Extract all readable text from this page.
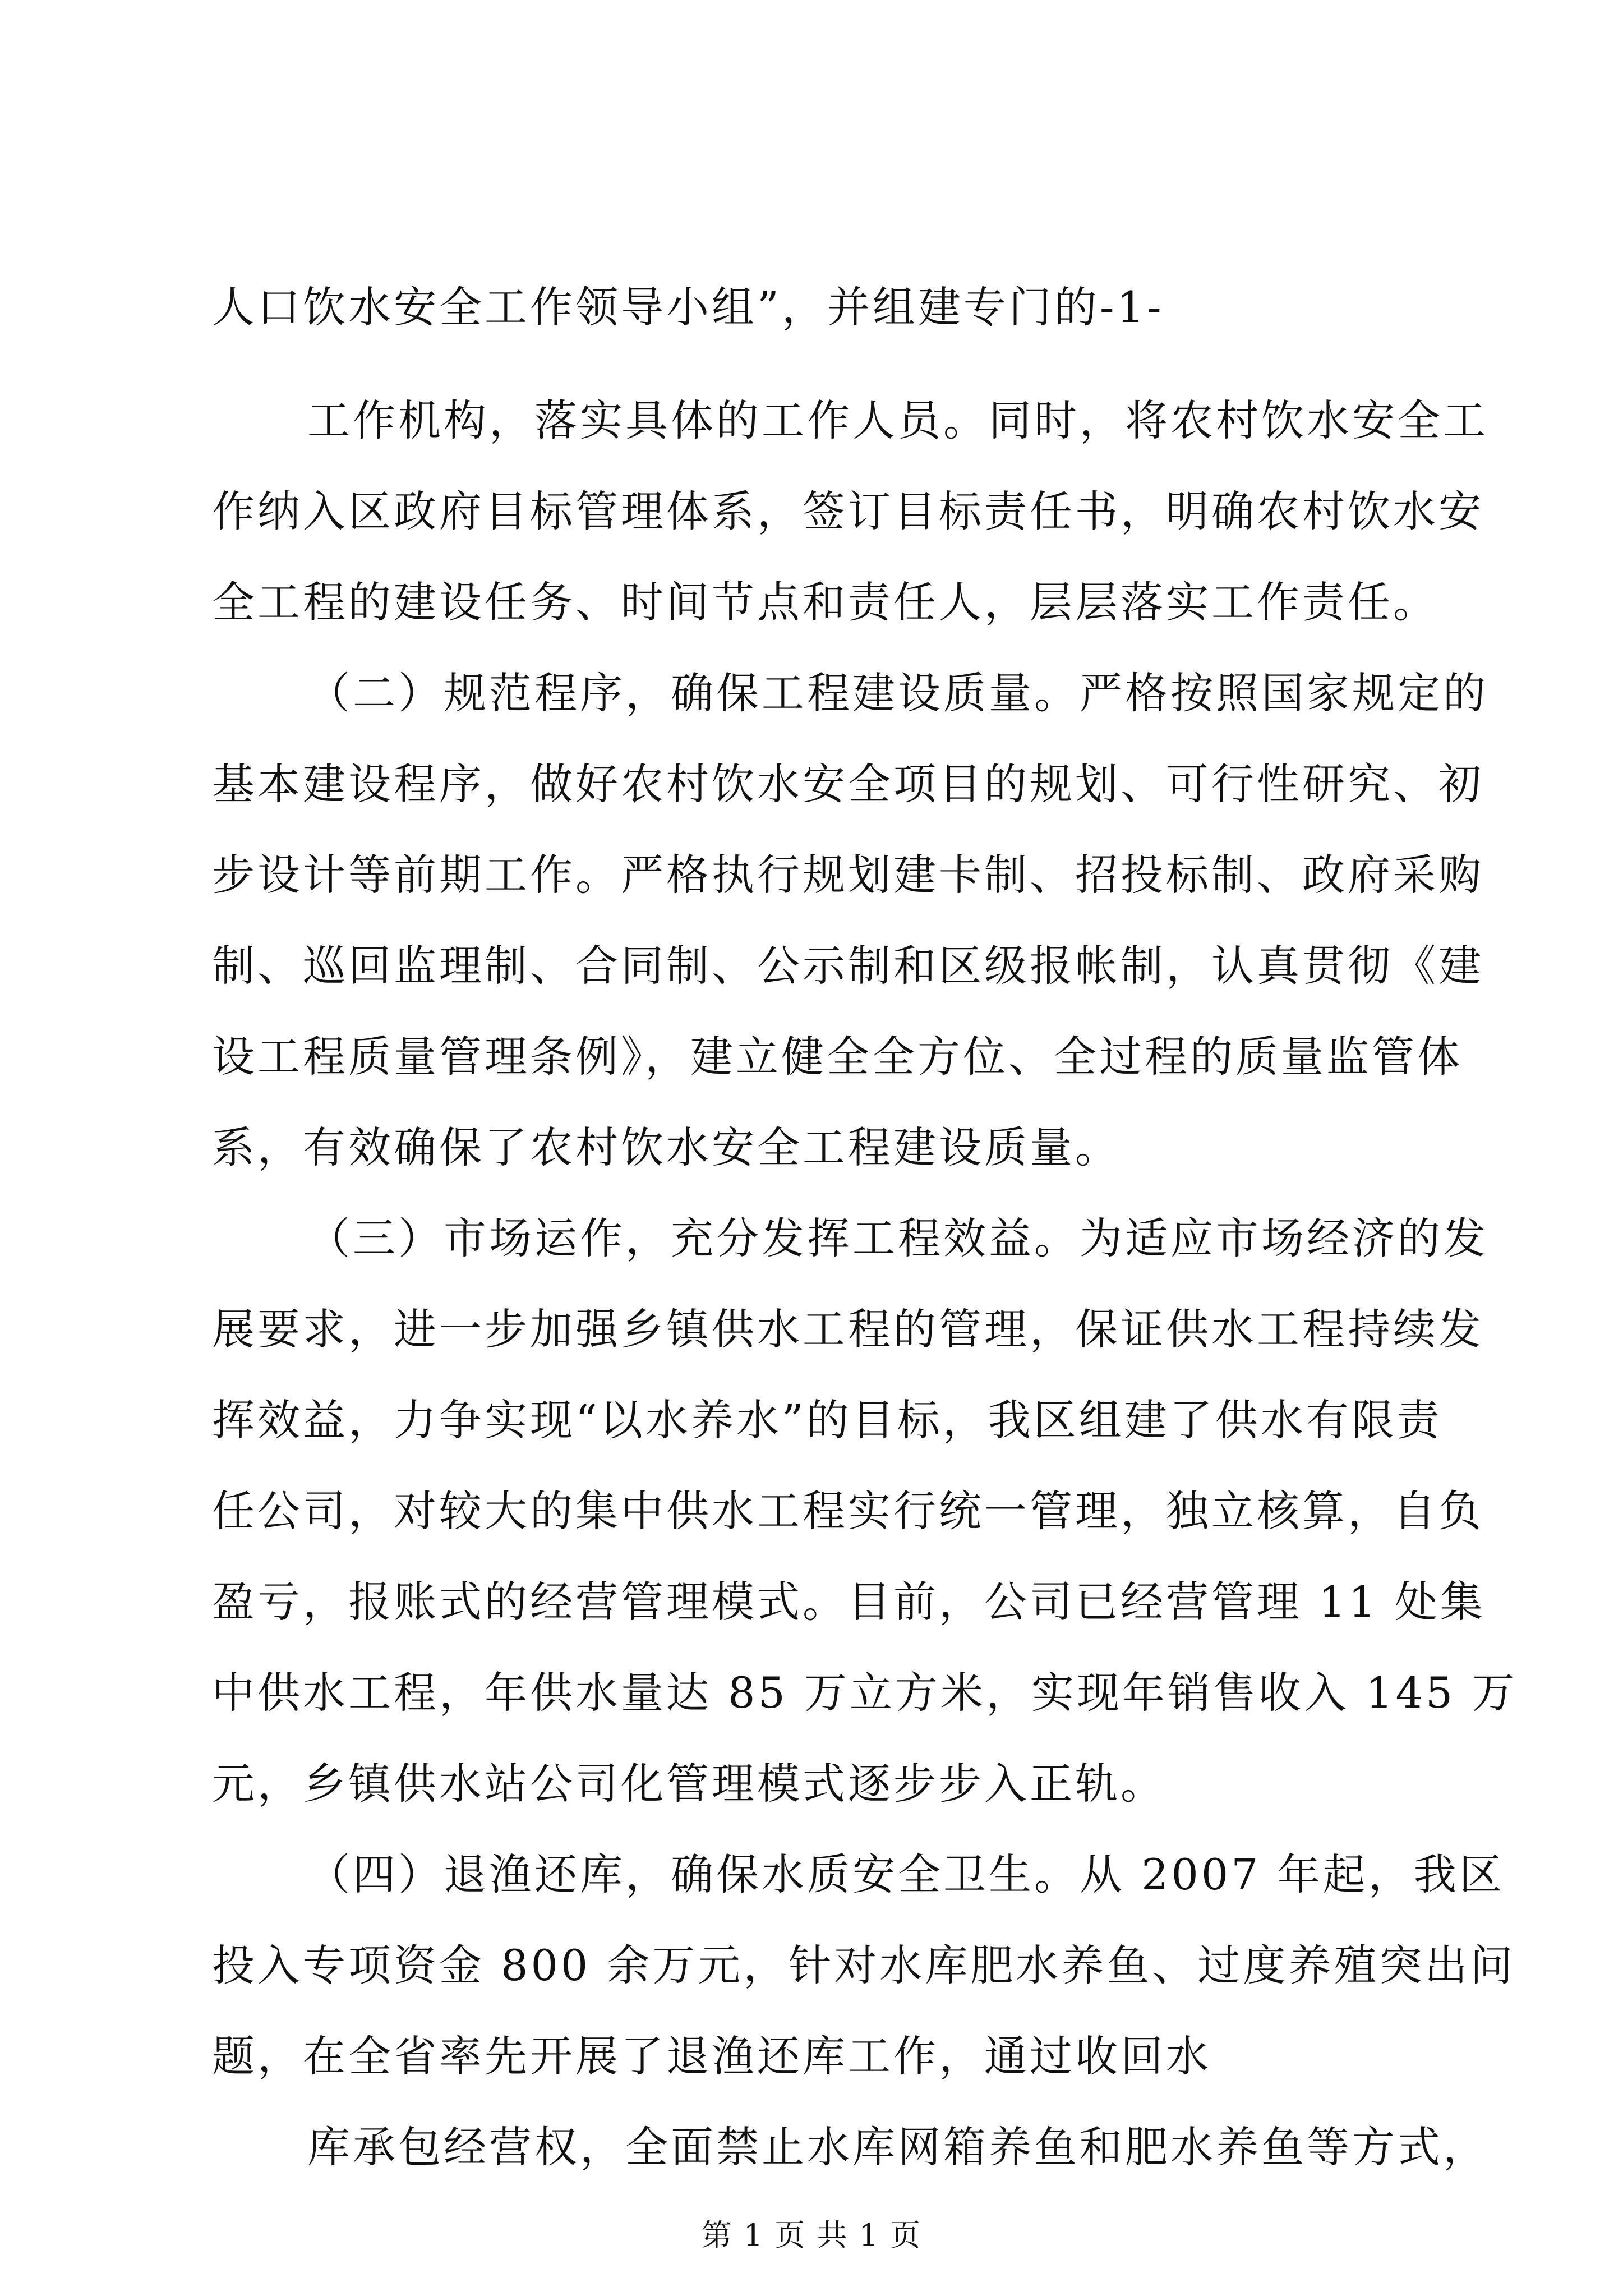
人口饮水安全工作领导小组”，并组建专门的-1-
工作机构，落实具体的工作人员。同时，将农村饮水安全工
作纳入区政府目标管理体系，签订目标责任书，明确农村饮水安
全工程的建设任务、时间节点和责任人，层层落实工作责任。
（二）规范程序，确保工程建设质量。严格按照国家规定的
基本建设程序，做好农村饮水安全项目的规划、可行性研究、初
步设计等前期工作。严格执行规划建卡制、招投标制、政府采购
制、巡回监理制、合同制、公示制和区级报帐制，认真贯彻《建
设工程质量管理条例》，建立健全全方位、全过程的质量监管体
系，有效确保了农村饮水安全工程建设质量。
（三）市场运作，充分发挥工程效益。为适应市场经济的发
展要求，进一步加强乡镇供水工程的管理，保证供水工程持续发
挥效益，力争实现“以水养水”的目标，我区组建了供水有限责
任公司，对较大的集中供水工程实行统一管理，独立核算，自负
盈亏，报账式的经营管理模式。目前，公司已经营管理 11 处集
中供水工程，年供水量达 85 万立方米，实现年销售收入 145 万
元，乡镇供水站公司化管理模式逐步步入正轨。
（四）退渔还库，确保水质安全卫生。从 2007 年起，我区
投入专项资金 800 余万元，针对水库肥水养鱼、过度养殖突出问
题，在全省率先开展了退渔还库工作，通过收回水
库承包经营权，全面禁止水库网箱养鱼和肥水养鱼等方式，
第 1 页 共 1 页
